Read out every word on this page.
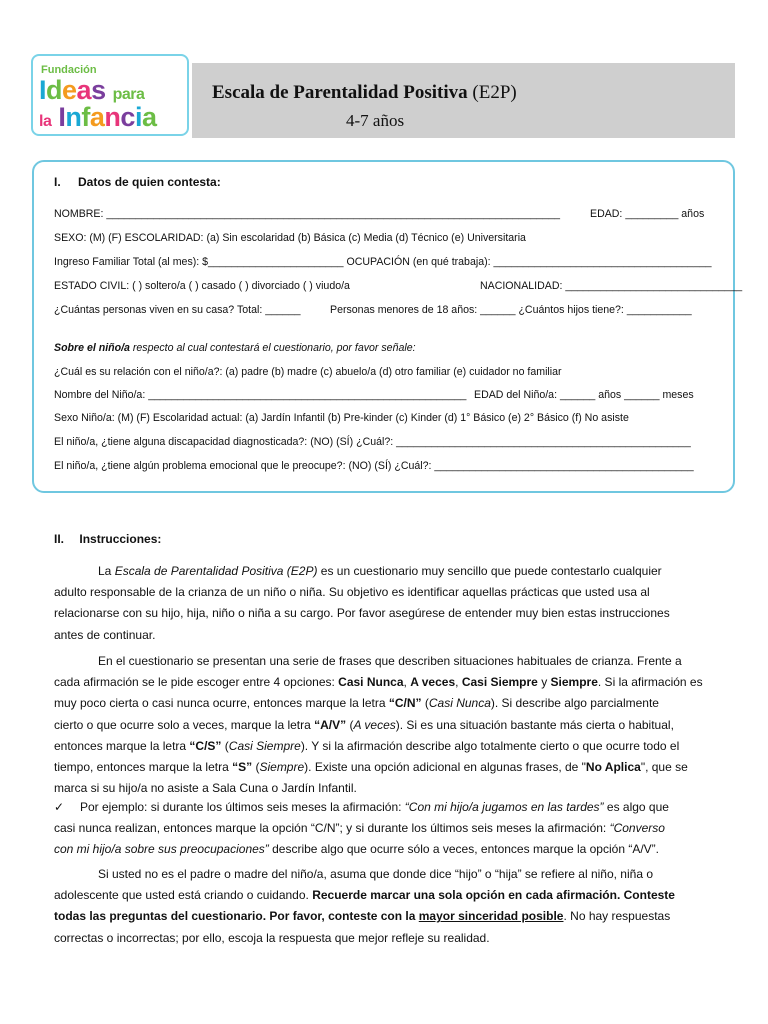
Fundación
Ideas para
la Infancia
Escala de Parentalidad Positiva (E2P)
4-7 años
I. Datos de quien contesta:
NOMBRE: _____________________________________________________________________________	EDAD: _________ años
SEXO: (M) (F) ESCOLARIDAD: (a) Sin escolaridad (b) Básica (c) Media (d) Técnico (e) Universitaria
Ingreso Familiar Total (al mes): $_______________________ OCUPACIÓN (en qué trabaja): _____________________________________
ESTADO CIVIL: ( ) soltero/a ( ) casado ( ) divorciado ( ) viudo/a	NACIONALIDAD: ______________________________
¿Cuántas personas viven en su casa? Total: ______	Personas menores de 18 años: ______ ¿Cuántos hijos tiene?: ___________
Sobre el niño/a respecto al cual contestará el cuestionario, por favor señale:
¿Cuál es su relación con el niño/a?: (a) padre (b) madre (c) abuelo/a (d) otro familiar (e) cuidador no familiar
Nombre del Niño/a: ______________________________________________________ EDAD del Niño/a: ______ años ______ meses
Sexo Niño/a: (M) (F) Escolaridad actual: (a) Jardín Infantil (b) Pre-kinder (c) Kinder (d) 1° Básico (e) 2° Básico (f) No asiste
El niño/a, ¿tiene alguna discapacidad diagnosticada?: (NO) (SÍ) ¿Cuál?: __________________________________________________
El niño/a, ¿tiene algún problema emocional que le preocupe?: (NO) (SÍ) ¿Cuál?: ____________________________________________
II. Instrucciones:
La Escala de Parentalidad Positiva (E2P) es un cuestionario muy sencillo que puede contestarlo cualquier
adulto responsable de la crianza de un niño o niña. Su objetivo es identificar aquellas prácticas que usted usa al
relacionarse con su hijo, hija, niño o niña a su cargo. Por favor asegúrese de entender muy bien estas instrucciones
antes de continuar.
En el cuestionario se presentan una serie de frases que describen situaciones habituales de crianza. Frente a
cada afirmación se le pide escoger entre 4 opciones: Casi Nunca, A veces, Casi Siempre y Siempre. Si la afirmación es
muy poco cierta o casi nunca ocurre, entonces marque la letra “C/N” (Casi Nunca). Si describe algo parcialmente
cierto o que ocurre solo a veces, marque la letra “A/V” (A veces). Si es una situación bastante más cierta o habitual,
entonces marque la letra “C/S” (Casi Siempre). Y si la afirmación describe algo totalmente cierto o que ocurre todo el
tiempo, entonces marque la letra “S” (Siempre). Existe una opción adicional en algunas frases, de "No Aplica", que se
marca si su hijo/a no asiste a Sala Cuna o Jardín Infantil.
✓	Por ejemplo: si durante los últimos seis meses la afirmación: “Con mi hijo/a jugamos en las tardes” es algo que
casi nunca realizan, entonces marque la opción “C/N”; y si durante los últimos seis meses la afirmación: “Converso
con mi hijo/a sobre sus preocupaciones” describe algo que ocurre sólo a veces, entonces marque la opción “A/V”.
Si usted no es el padre o madre del niño/a, asuma que donde dice “hijo” o “hija” se refiere al niño, niña o
adolescente que usted está criando o cuidando. Recuerde marcar una sola opción en cada afirmación. Conteste
todas las preguntas del cuestionario. Por favor, conteste con la mayor sinceridad posible. No hay respuestas
correctas o incorrectas; por ello, escoja la respuesta que mejor refleje su realidad.
